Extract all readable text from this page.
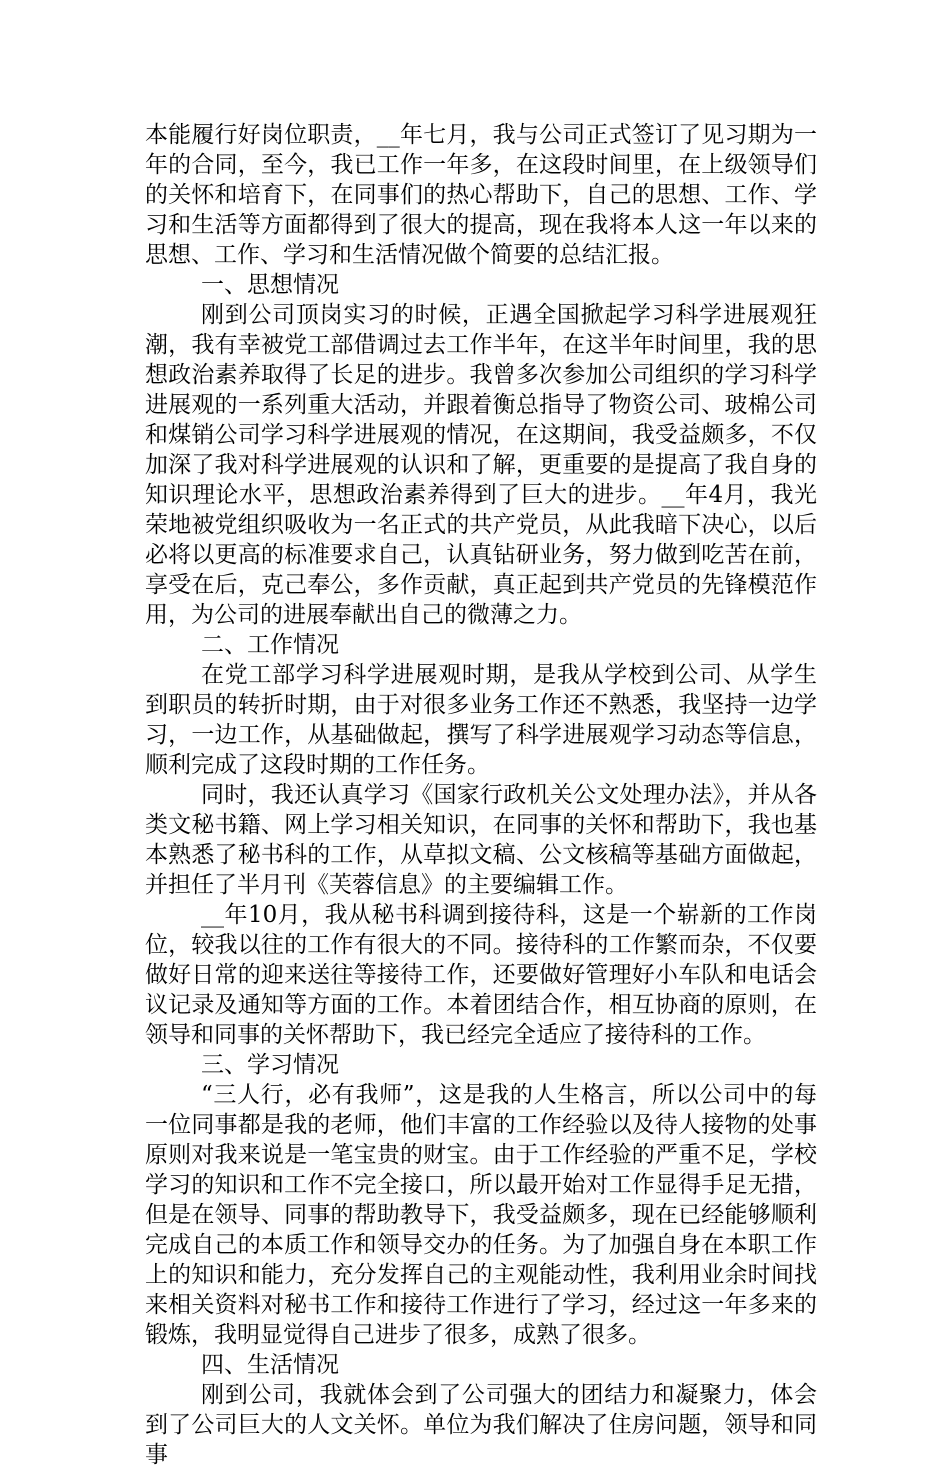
本能履行好岗位职责，__年七月，我与公司正式签订了见习期为一年的合同，至今，我已工作一年多，在这段时间里，在上级领导们的关怀和培育下，在同事们的热心帮助下，自己的思想、工作、学习和生活等方面都得到了很大的提高，现在我将本人这一年以来的思想、工作、学习和生活情况做个简要的总结汇报。

一、思想情况

刚到公司顶岗实习的时候，正遇全国掀起学习科学进展观狂潮，我有幸被党工部借调过去工作半年，在这半年时间里，我的思想政治素养取得了长足的进步。我曾多次参加公司组织的学习科学进展观的一系列重大活动，并跟着衡总指导了物资公司、玻棉公司和煤销公司学习科学进展观的情况，在这期间，我受益颇多，不仅加深了我对科学进展观的认识和了解，更重要的是提高了我自身的知识理论水平，思想政治素养得到了巨大的进步。__年4月，我光荣地被党组织吸收为一名正式的共产党员，从此我暗下决心，以后必将以更高的标准要求自己，认真钻研业务，努力做到吃苦在前，享受在后，克己奉公，多作贡献，真正起到共产党员的先锋模范作用，为公司的进展奉献出自己的微薄之力。

二、工作情况

在党工部学习科学进展观时期，是我从学校到公司、从学生到职员的转折时期，由于对很多业务工作还不熟悉，我坚持一边学习，一边工作，从基础做起，撰写了科学进展观学习动态等信息，顺利完成了这段时期的工作任务。

同时，我还认真学习《国家行政机关公文处理办法》，并从各类文秘书籍、网上学习相关知识，在同事的关怀和帮助下，我也基本熟悉了秘书科的工作，从草拟文稿、公文核稿等基础方面做起，并担任了半月刊《芙蓉信息》的主要编辑工作。

__年10月，我从秘书科调到接待科，这是一个崭新的工作岗位，较我以往的工作有很大的不同。接待科的工作繁而杂，不仅要做好日常的迎来送往等接待工作，还要做好管理好小车队和电话会议记录及通知等方面的工作。本着团结合作，相互协商的原则，在领导和同事的关怀帮助下，我已经完全适应了接待科的工作。

三、学习情况

“三人行，必有我师”，这是我的人生格言，所以公司中的每一位同事都是我的老师，他们丰富的工作经验以及待人接物的处事原则对我来说是一笔宝贵的财宝。由于工作经验的严重不足，学校学习的知识和工作不完全接口，所以最开始对工作显得手足无措，但是在领导、同事的帮助教导下，我受益颇多，现在已经能够顺利完成自己的本质工作和领导交办的任务。为了加强自身在本职工作上的知识和能力，充分发挥自己的主观能动性，我利用业余时间找来相关资料对秘书工作和接待工作进行了学习，经过这一年多来的锻炼，我明显觉得自己进步了很多，成熟了很多。

四、生活情况

刚到公司，我就体会到了公司强大的团结力和凝聚力，体会到了公司巨大的人文关怀。单位为我们解决了住房问题，领导和同事
